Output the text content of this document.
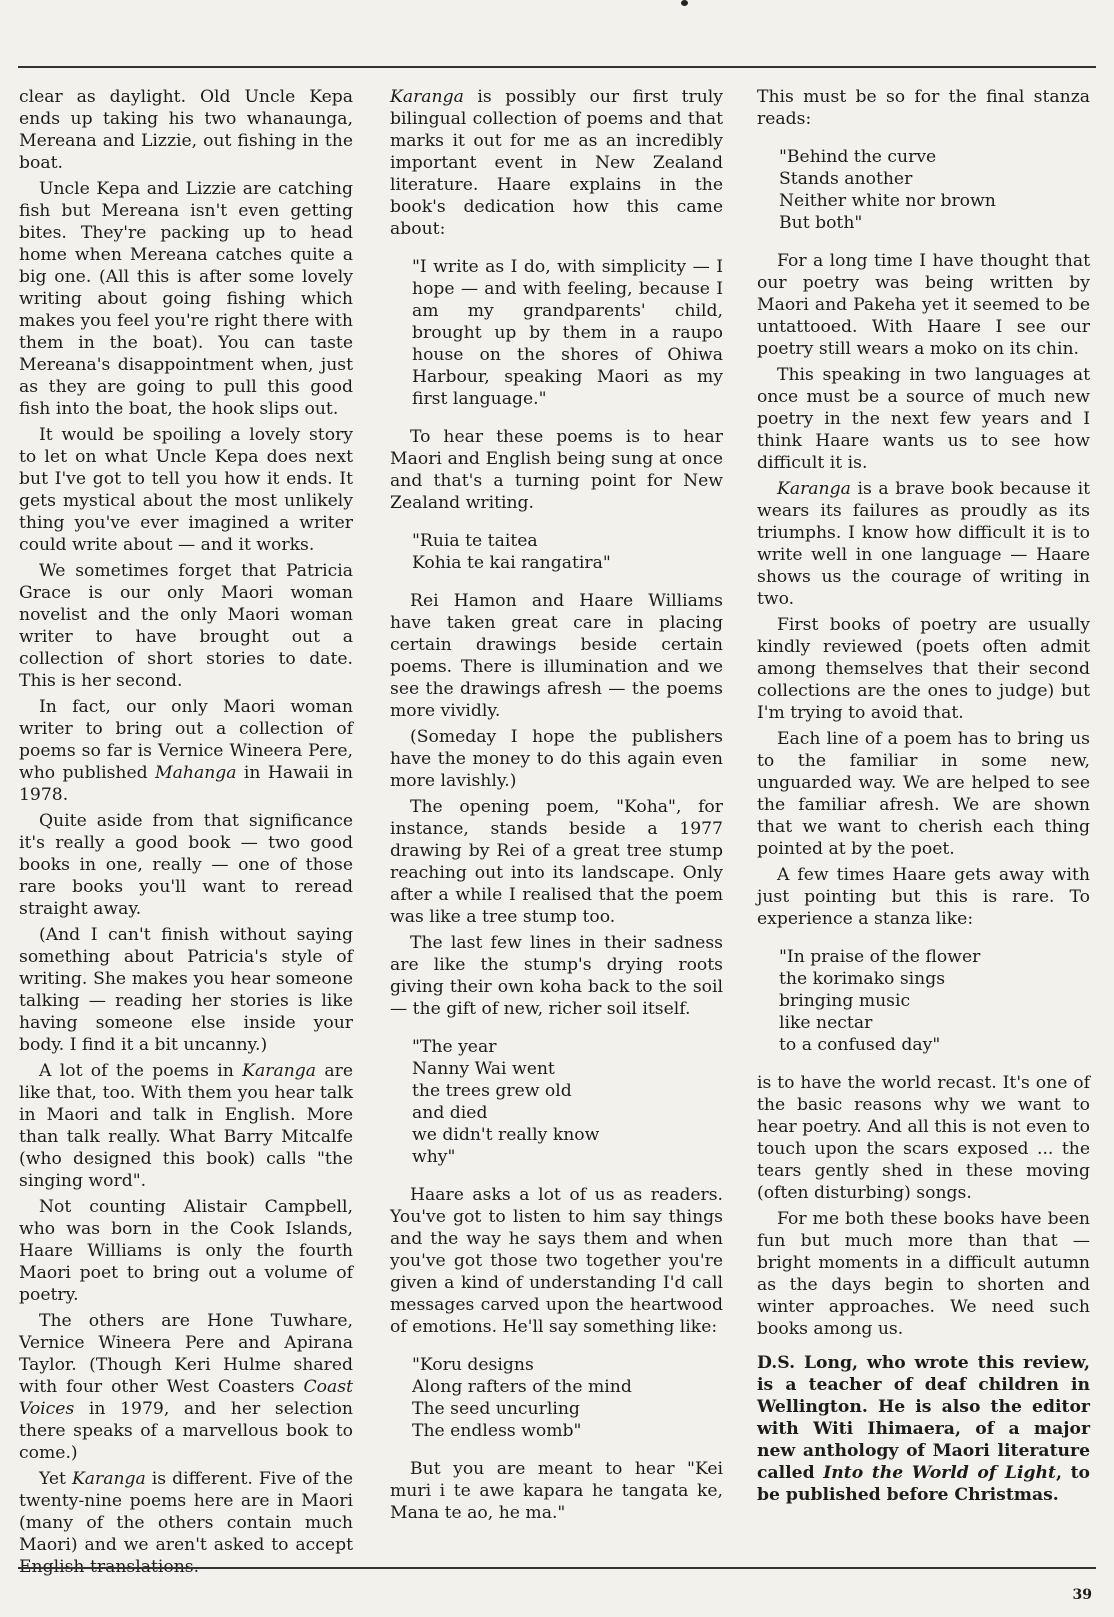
clear as daylight. Old Uncle Kepa ends up taking his two whanaunga, Mereana and Lizzie, out fishing in the boat.

Uncle Kepa and Lizzie are catching fish but Mereana isn't even getting bites. They're packing up to head home when Mereana catches quite a big one. (All this is after some lovely writing about going fishing which makes you feel you're right there with them in the boat). You can taste Mereana's disappointment when, just as they are going to pull this good fish into the boat, the hook slips out.

It would be spoiling a lovely story to let on what Uncle Kepa does next but I've got to tell you how it ends. It gets mystical about the most unlikely thing you've ever imagined a writer could write about — and it works.

We sometimes forget that Patricia Grace is our only Maori woman novelist and the only Maori woman writer to have brought out a collection of short stories to date. This is her second.

In fact, our only Maori woman writer to bring out a collection of poems so far is Vernice Wineera Pere, who published Mahanga in Hawaii in 1978.

Quite aside from that significance it's really a good book — two good books in one, really — one of those rare books you'll want to reread straight away.

(And I can't finish without saying something about Patricia's style of writing. She makes you hear someone talking — reading her stories is like having someone else inside your body. I find it a bit uncanny.)

A lot of the poems in Karanga are like that, too. With them you hear talk in Maori and talk in English. More than talk really. What Barry Mitcalfe (who designed this book) calls "the singing word".

Not counting Alistair Campbell, who was born in the Cook Islands, Haare Williams is only the fourth Maori poet to bring out a volume of poetry.

The others are Hone Tuwhare, Vernice Wineera Pere and Apirana Taylor. (Though Keri Hulme shared with four other West Coasters Coast Voices in 1979, and her selection there speaks of a marvellous book to come.)

Yet Karanga is different. Five of the twenty-nine poems here are in Maori (many of the others contain much Maori) and we aren't asked to accept English translations.

Karanga is possibly our first truly bilingual collection of poems and that marks it out for me as an incredibly important event in New Zealand literature. Haare explains in the book's dedication how this came about:

"I write as I do, with simplicity — I hope — and with feeling, because I am my grandparents' child, brought up by them in a raupo house on the shores of Ohiwa Harbour, speaking Maori as my first language."

To hear these poems is to hear Maori and English being sung at once and that's a turning point for New Zealand writing.

"Ruia te taitea
Kohia te kai rangatira"

Rei Hamon and Haare Williams have taken great care in placing certain drawings beside certain poems. There is illumination and we see the drawings afresh — the poems more vividly.

(Someday I hope the publishers have the money to do this again even more lavishly.)

The opening poem, "Koha", for instance, stands beside a 1977 drawing by Rei of a great tree stump reaching out into its landscape. Only after a while I realised that the poem was like a tree stump too.

The last few lines in their sadness are like the stump's drying roots giving their own koha back to the soil — the gift of new, richer soil itself.

"The year
Nanny Wai went
the trees grew old
and died
we didn't really know
why"

Haare asks a lot of us as readers. You've got to listen to him say things and the way he says them and when you've got those two together you're given a kind of understanding I'd call messages carved upon the heartwood of emotions. He'll say something like:

"Koru designs
Along rafters of the mind
The seed uncurling
The endless womb"

But you are meant to hear "Kei muri i te awe kapara he tangata ke, Mana te ao, he ma."

This must be so for the final stanza reads:

"Behind the curve
Stands another
Neither white nor brown
But both"

For a long time I have thought that our poetry was being written by Maori and Pakeha yet it seemed to be untattooed. With Haare I see our poetry still wears a moko on its chin.

This speaking in two languages at once must be a source of much new poetry in the next few years and I think Haare wants us to see how difficult it is.

Karanga is a brave book because it wears its failures as proudly as its triumphs. I know how difficult it is to write well in one language — Haare shows us the courage of writing in two.

First books of poetry are usually kindly reviewed (poets often admit among themselves that their second collections are the ones to judge) but I'm trying to avoid that.

Each line of a poem has to bring us to the familiar in some new, unguarded way. We are helped to see the familiar afresh. We are shown that we want to cherish each thing pointed at by the poet.

A few times Haare gets away with just pointing but this is rare. To experience a stanza like:

"In praise of the flower
the korimako sings
bringing music
like nectar
to a confused day"

is to have the world recast. It's one of the basic reasons why we want to hear poetry. And all this is not even to touch upon the scars exposed ... the tears gently shed in these moving (often disturbing) songs.

For me both these books have been fun but much more than that — bright moments in a difficult autumn as the days begin to shorten and winter approaches. We need such books among us.

D.S. Long, who wrote this review, is a teacher of deaf children in Wellington. He is also the editor with Witi Ihimaera, of a major new anthology of Maori literature called Into the World of Light, to be published before Christmas.

39
